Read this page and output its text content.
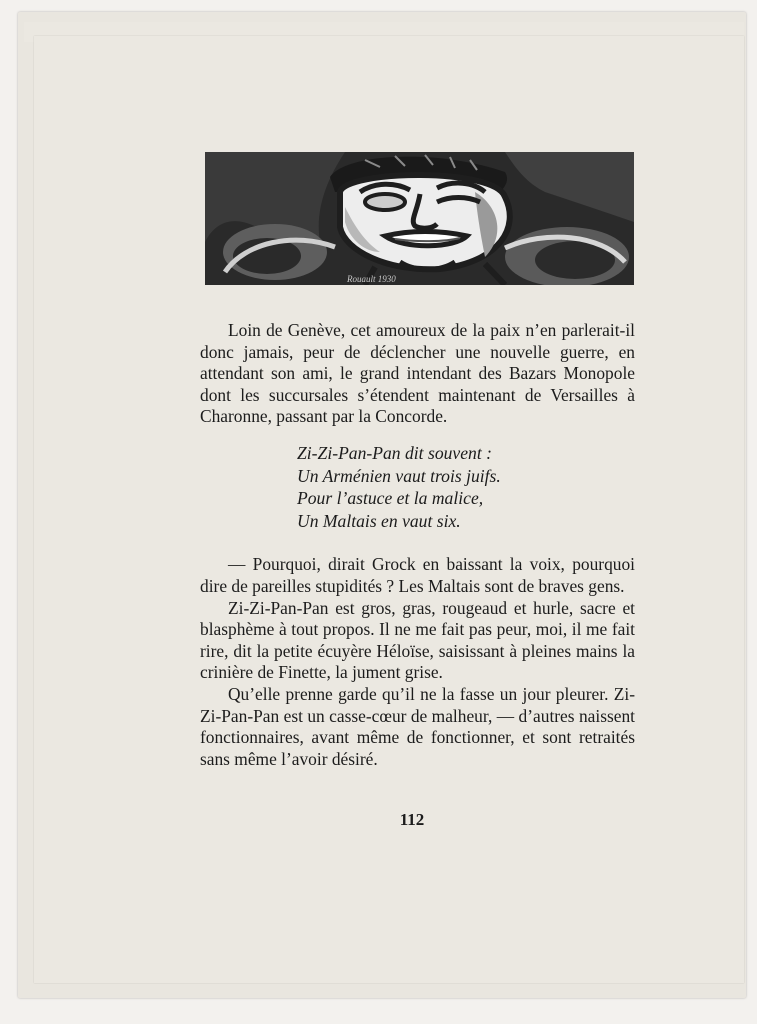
Rouault 1930

Loin de Genève, cet amoureux de la paix n’en parlerait-il donc jamais, peur de déclencher une nouvelle guerre, en attendant son ami, le grand intendant des Bazars Monopole dont les succursales s’étendent maintenant de Versailles à Charonne, passant par la Concorde.

Zi-Zi-Pan-Pan dit souvent :
Un Arménien vaut trois juifs.
Pour l’astuce et la malice,
Un Maltais en vaut six.

— Pourquoi, dirait Grock en baissant la voix, pourquoi dire de pareilles stupidités ? Les Maltais sont de braves gens.

Zi-Zi-Pan-Pan est gros, gras, rougeaud et hurle, sacre et blasphème à tout propos. Il ne me fait pas peur, moi, il me fait rire, dit la petite écuyère Héloïse, saisissant à pleines mains la crinière de Finette, la jument grise.

Qu’elle prenne garde qu’il ne la fasse un jour pleurer. Zi-Zi-Pan-Pan est un casse-cœur de malheur, — d’autres naissent fonctionnaires, avant même de fonctionner, et sont retraités sans même l’avoir désiré.

112
